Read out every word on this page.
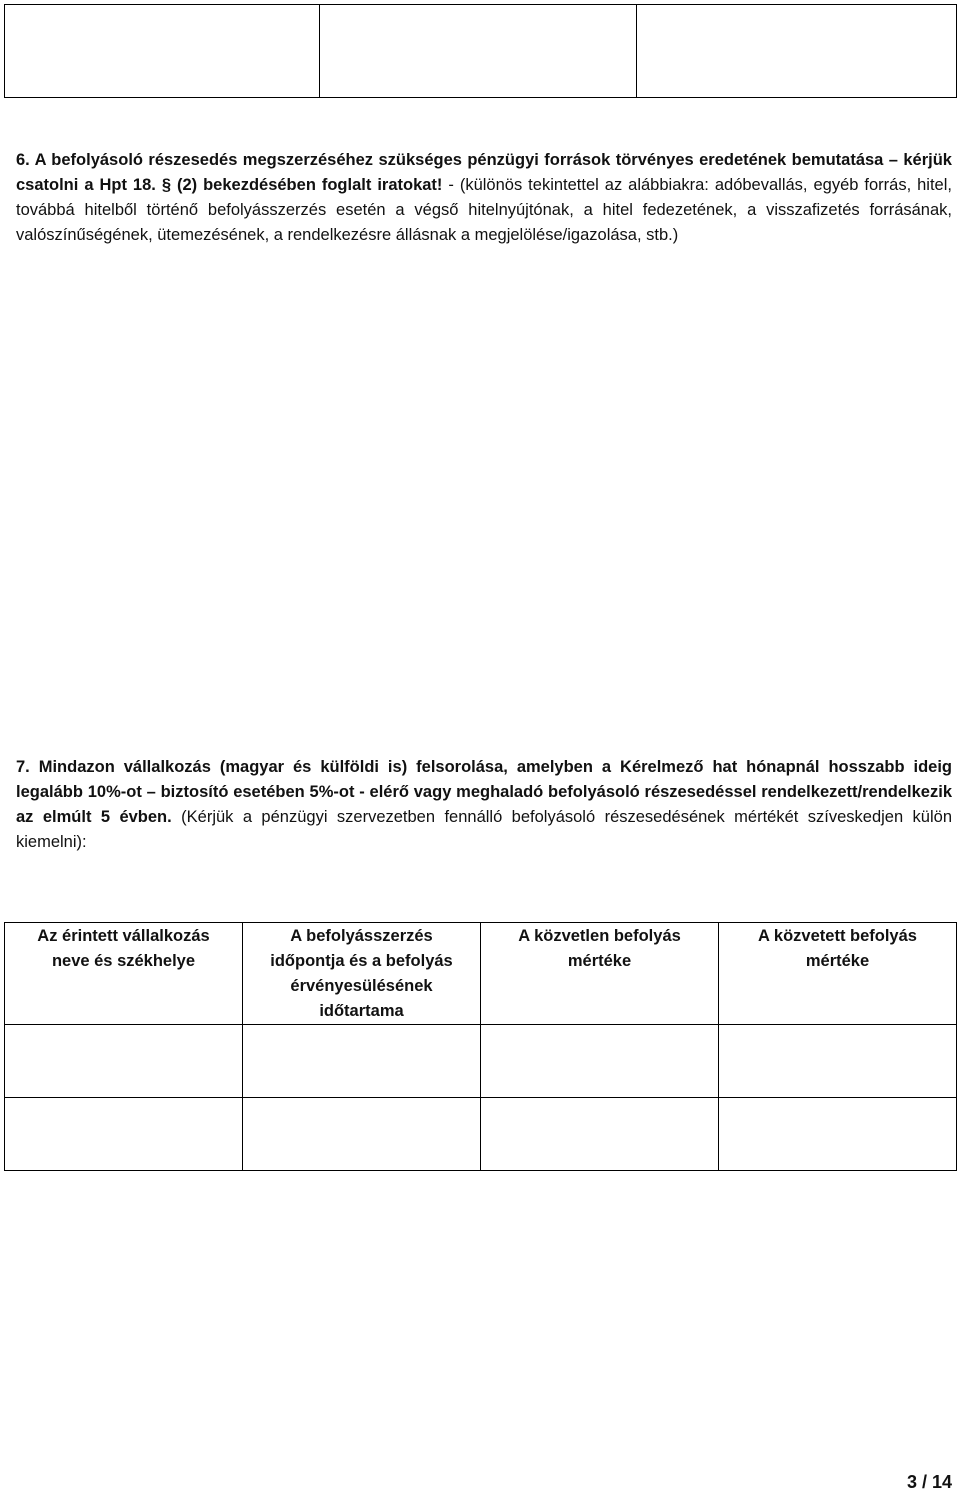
6. A befolyásoló részesedés megszerzéséhez szükséges pénzügyi források törvényes eredetének bemutatása – kérjük csatolni a Hpt 18. § (2) bekezdésében foglalt iratokat! - (különös tekintettel az alábbiakra: adóbevallás, egyéb forrás, hitel, továbbá hitelből történő befolyásszerzés esetén a végső hitelnyújtónak, a hitel fedezetének, a visszafizetés forrásának, valószínűségének, ütemezésének, a rendelkezésre állásnak a megjelölése/igazolása, stb.)

7. Mindazon vállalkozás (magyar és külföldi is) felsorolása, amelyben a Kérelmező hat hónapnál hosszabb ideig legalább 10%-ot – biztosító esetében 5%-ot - elérő vagy meghaladó befolyásoló részesedéssel rendelkezett/rendelkezik az elmúlt 5 évben. (Kérjük a pénzügyi szervezetben fennálló befolyásoló részesedésének mértékét szíveskedjen külön kiemelni):

Az érintett vállalkozás neve és székhelye	A befolyásszerzés időpontja és a befolyás érvényesülésének időtartama	A közvetlen befolyás mértéke	A közvetett befolyás mértéke

3 / 14
